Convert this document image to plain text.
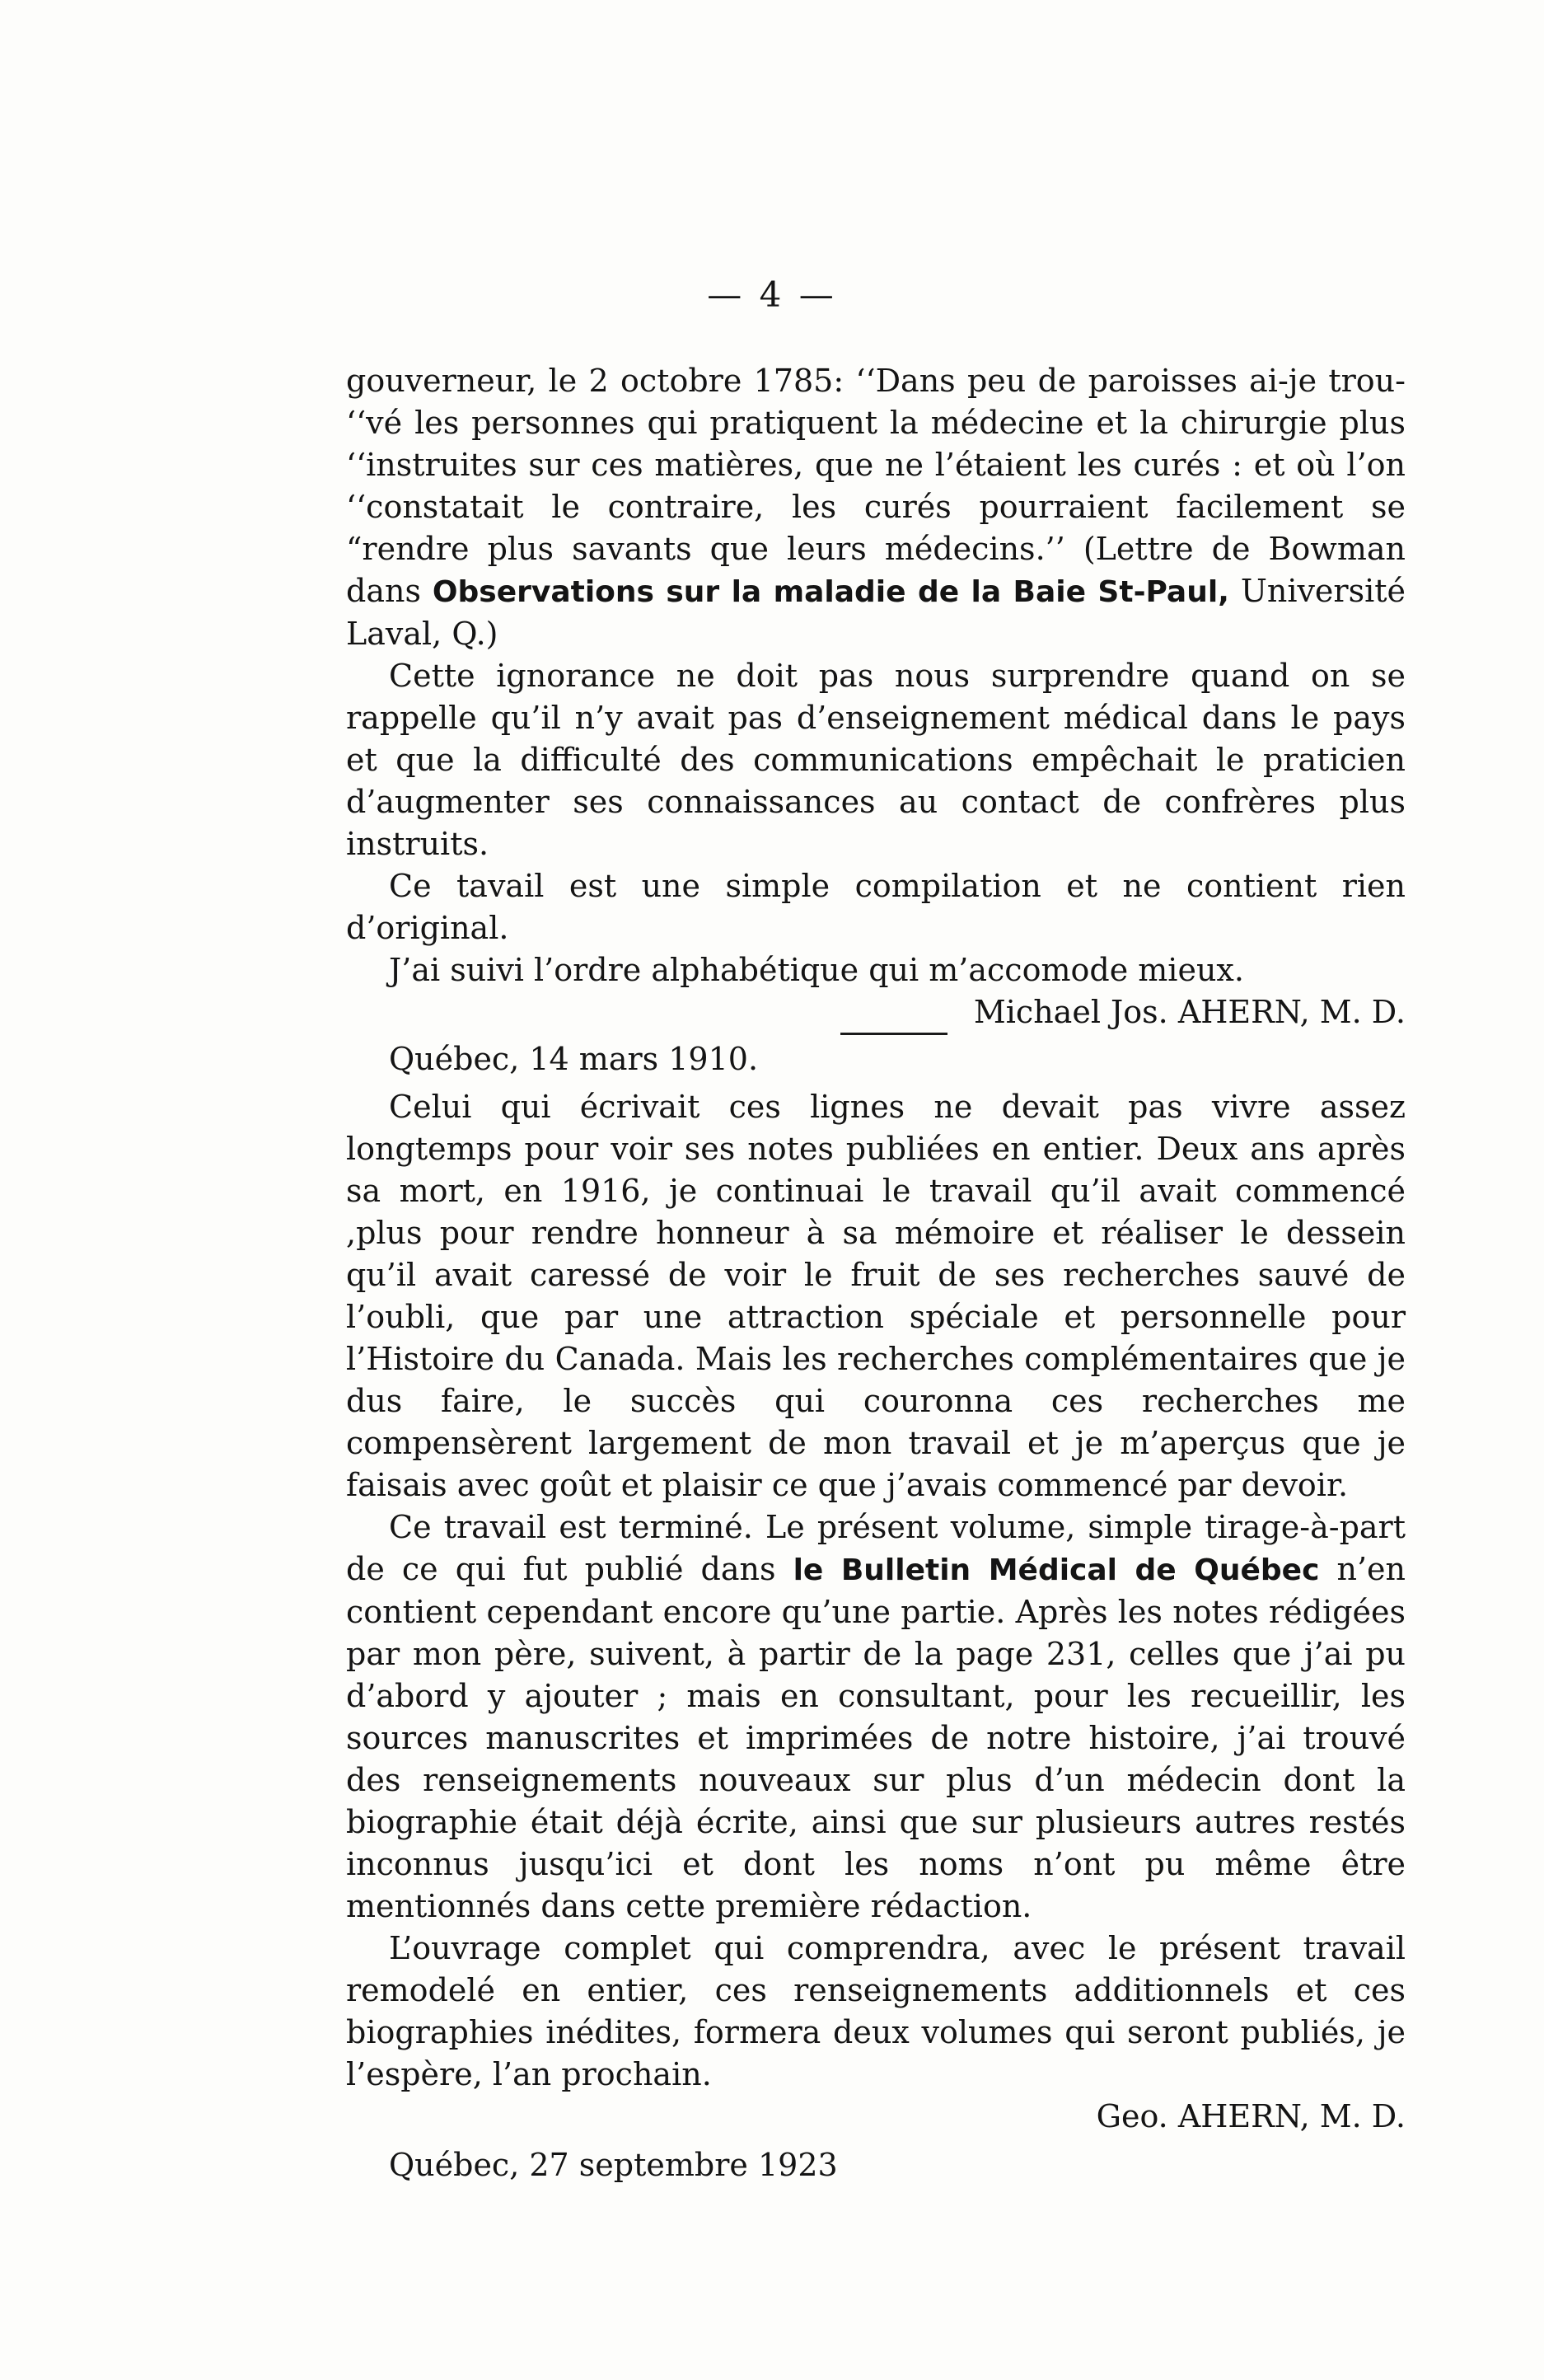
— 4 —

gouverneur, le 2 octobre 1785: ‘‘Dans peu de paroisses ai-je trou- ‘‘vé les personnes qui pratiquent la médecine et la chirurgie plus ‘‘instruites sur ces matières, que ne l’étaient les curés : et où l’on ‘‘constatait le contraire, les curés pourraient facilement se “rendre plus savants que leurs médecins.’’ (Lettre de Bowman dans Observations sur la maladie de la Baie St-Paul, Université Laval, Q.)

Cette ignorance ne doit pas nous surprendre quand on se rappelle qu’il n’y avait pas d’enseignement médical dans le pays et que la difficulté des communications empêchait le praticien d’augmenter ses connaissances au contact de confrères plus instruits.

Ce tavail est une simple compilation et ne contient rien d’original.

J’ai suivi l’ordre alphabétique qui m’accomode mieux.

Michael Jos. AHERN, M. D.

Québec, 14 mars 1910.

Celui qui écrivait ces lignes ne devait pas vivre assez longtemps pour voir ses notes publiées en entier. Deux ans après sa mort, en 1916, je continuai le travail qu’il avait commencé ,plus pour rendre honneur à sa mémoire et réaliser le dessein qu’il avait caressé de voir le fruit de ses recherches sauvé de l’oubli, que par une attraction spéciale et personnelle pour l’Histoire du Canada. Mais les recherches complémentaires que je dus faire, le succès qui couronna ces recherches me compensèrent largement de mon travail et je m’aperçus que je faisais avec goût et plaisir ce que j’avais commencé par devoir.

Ce travail est terminé. Le présent volume, simple tirage-à-part de ce qui fut publié dans le Bulletin Médical de Québec n’en contient cependant encore qu’une partie. Après les notes rédigées par mon père, suivent, à partir de la page 231, celles que j’ai pu d’abord y ajouter ; mais en consultant, pour les recueillir, les sources manuscrites et imprimées de notre histoire, j’ai trouvé des renseignements nouveaux sur plus d’un médecin dont la biographie était déjà écrite, ainsi que sur plusieurs autres restés inconnus jusqu’ici et dont les noms n’ont pu même être mentionnés dans cette première rédaction.

L’ouvrage complet qui comprendra, avec le présent travail remodelé en entier, ces renseignements additionnels et ces biographies inédites, formera deux volumes qui seront publiés, je l’espère, l’an prochain.

Geo. AHERN, M. D.

Québec, 27 septembre 1923
